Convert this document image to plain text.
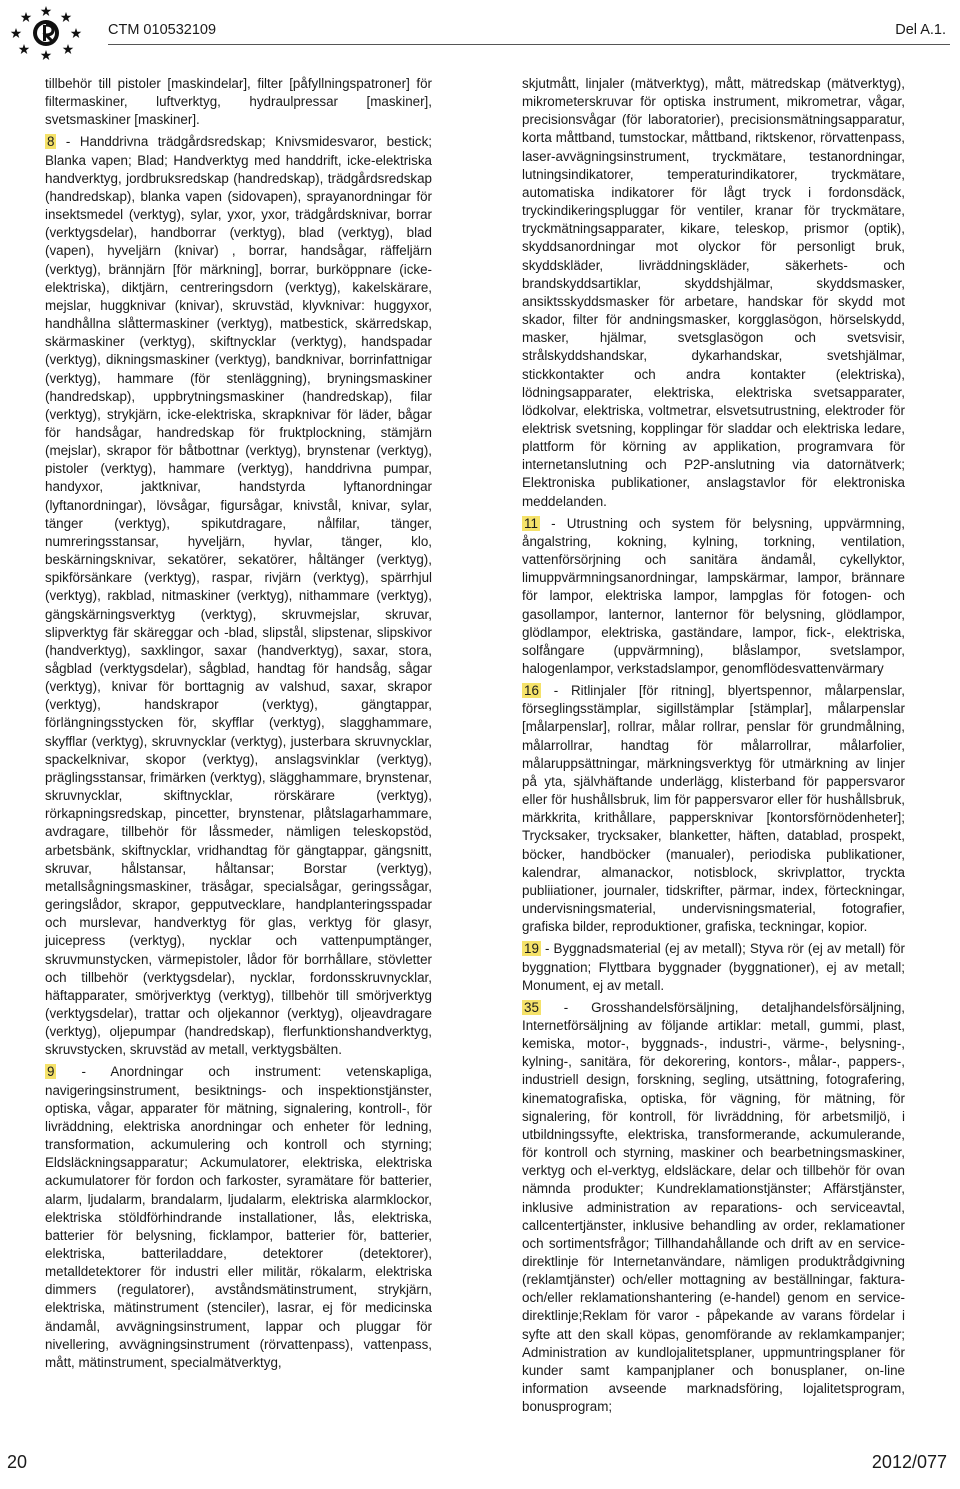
CTM 010532109	Del A.1.

tillbehör till pistoler [maskindelar], filter [påfyllningspatroner] för filtermaskiner, luftverktyg, hydraulpressar [maskiner], svetsmaskiner [maskiner].

8 - Handdrivna trädgårdsredskap; Knivsmidesvaror, bestick; Blanka vapen; Blad; Handverktyg med handdrift, icke-elektriska handverktyg, jordbruksredskap (handredskap), trädgårdsredskap (handredskap), blanka vapen (sidovapen), sprayanordningar för insektsmedel (verktyg), sylar, yxor, yxor, trädgårdsknivar, borrar (verktygsdelar), handborrar (verktyg), blad (verktyg), blad (vapen), hyveljärn (knivar) , borrar, handsågar, räffeljärn (verktyg), brännjärn [för märkning], borrar, burköppnare (icke-elektriska), diktjärn, centreringsdorn (verktyg), kakelskärare, mejslar, huggknivar (knivar), skruvstäd, klyvknivar: huggyxor, handhållna slåttermaskiner (verktyg), matbestick, skärredskap, skärmaskiner (verktyg), skiftnycklar (verktyg), handspadar (verktyg), dikningsmaskiner (verktyg), bandknivar, borrinfattnigar (verktyg), hammare (för stenläggning), bryningsmaskiner (handredskap), uppbrytningsmaskiner (handredskap), filar (verktyg), strykjärn, icke-elektriska, skrapknivar för läder, bågar för handsågar, handredskap för fruktplockning, stämjärn (mejslar), skrapor för båtbottnar (verktyg), brynstenar (verktyg), pistoler (verktyg), hammare (verktyg), handdrivna pumpar, handyxor, jaktknivar, handstyrda lyftanordningar (lyftanordningar), lövsågar, figursågar, knivstål, knivar, sylar, tänger (verktyg), spikutdragare, nålfilar, tänger, numreringsstansar, hyveljärn, hyvlar, tänger, klo, beskärningsknivar, sekatörer, sekatörer, håltänger (verktyg), spikförsänkare (verktyg), raspar, rivjärn (verktyg), spärrhjul (verktyg), rakblad, nitmaskiner (verktyg), nithammare (verktyg), gängskärningsverktyg (verktyg), skruvmejslar, skruvar, slipverktyg fär skäreggar och -blad, slipstål, slipstenar, slipskivor (handverktyg), saxklingor, saxar (handverktyg), saxar, stora, sågblad (verktygsdelar), sågblad, handtag för handsåg, sågar (verktyg), knivar för borttagnig av valshud, saxar, skrapor (verktyg), handskrapor (verktyg), gängtappar, förlängningsstycken för, skyfflar (verktyg), slagghammare, skyfflar (verktyg), skruvnycklar (verktyg), justerbara skruvnycklar, spackelknivar, skopor (verktyg), anslagsvinklar (verktyg), präglingsstansar, frimärken (verktyg), slägghammare, brynstenar, skruvnycklar, skiftnycklar, rörskärare (verktyg), rörkapningsredskap, pincetter, brynstenar, plåtslagarhammare, avdragare, tillbehör för låssmeder, nämligen teleskopstöd, arbetsbänk, skiftnycklar, vridhandtag för gängtappar, gängsnitt, skruvar, hålstansar, håltansar; Borstar (verktyg), metallsågningsmaskiner, träsågar, specialsågar, geringssågar, geringslådor, skrapor, gepputvecklare, handplanteringsspadar och murslevar, handverktyg för glas, verktyg för glasyr, juicepress (verktyg), nycklar och vattenpumptänger, skruvmunstycken, värmepistoler, lådor för borrhållare, stövletter och tillbehör (verktygsdelar), nycklar, fordonsskruvnycklar, häftapparater, smörjverktyg (verktyg), tillbehör till smörjverktyg (verktygsdelar), trattar och oljekannor (verktyg), oljeavdragare (verktyg), oljepumpar (handredskap), flerfunktionshandverktyg, skruvstycken, skruvstäd av metall, verktygsbälten.

9 - Anordningar och instrument: vetenskapliga, navigeringsinstrument, besiktnings- och inspektionstjänster, optiska, vågar, apparater för mätning, signalering, kontroll-, för livräddning, elektriska anordningar och enheter för ledning, transformation, ackumulering och kontroll och styrning; Eldsläckningsapparatur; Ackumulatorer, elektriska, elektriska ackumulatorer för fordon och farkoster, syramätare för batterier, alarm, ljudalarm, brandalarm, ljudalarm, elektriska alarmklockor, elektriska stöldförhindrande installationer, lås, elektriska, batterier för belysning, ficklampor, batterier för, batterier, elektriska, batteriladdare, detektorer (detektorer), metalldetektorer för industri eller militär, rökalarm, elektriska dimmers (regulatorer), avståndsmätinstrument, strykjärn, elektriska, mätinstrument (stenciler), lasrar, ej för medicinska ändamål, avvägningsinstrument, lappar och pluggar för nivellering, avvägningsinstrument (rörvattenpass), vattenpass, mått, mätinstrument, specialmätverktyg,

skjutmått, linjaler (mätverktyg), mått, mätredskap (mätverktyg), mikrometerskruvar för optiska instrument, mikrometrar, vågar, precisionsvågar (för laboratorier), precisionsmätningsapparatur, korta måttband, tumstockar, måttband, riktskenor, rörvattenpass, laser-avvägningsinstrument, tryckmätare, testanordningar, lutningsindikatorer, temperaturindikatorer, tryckmätare, automatiska indikatorer för lågt tryck i fordonsdäck, tryckindikeringspluggar för ventiler, kranar för tryckmätare, tryckmätningsapparater, kikare, teleskop, prismor (optik), skyddsanordningar mot olyckor för personligt bruk, skyddskläder, livräddningskläder, säkerhets- och brandskyddsartiklar, skyddshjälmar, skyddsmasker, ansiktsskyddsmasker för arbetare, handskar för skydd mot skador, filter för andningsmasker, korgglasögon, hörselskydd, masker, hjälmar, svetsglasögon och svetsvisir, strålskyddshandskar, dykarhandskar, svetshjälmar, stickkontakter och andra kontakter (elektriska), lödningsapparater, elektriska, elektriska svetsapparater, lödkolvar, elektriska, voltmetrar, elsvetsutrustning, elektroder för elektrisk svetsning, kopplingar för sladdar och elektriska ledare, plattform för körning av applikation, programvara för internetanslutning och P2P-anslutning via datornätverk; Elektroniska publikationer, anslagstavlor för elektroniska meddelanden.

11 - Utrustning och system för belysning, uppvärmning, ångalstring, kokning, kylning, torkning, ventilation, vattenförsörjning och sanitära ändamål, cykellyktor, limuppvärmningsanordningar, lampskärmar, lampor, brännare för lampor, elektriska lampor, lampglas för fotogen- och gasollampor, lanternor, lanternor för belysning, glödlampor, glödlampor, elektriska, gaständare, lampor, fick-, elektriska, solfångare (uppvärmning), blåslampor, svetslampor, halogenlampor, verkstadslampor, genomflödesvattenvärmary

16 - Ritlinjaler [för ritning], blyertspennor, målarpenslar, förseglingsstämplar, sigillstämplar [stämplar], målarpenslar [målarpenslar], rollrar, målar rollrar, penslar för grundmålning, målarrollrar, handtag för målarrollrar, målarfolier, målaruppsättningar, märkningsverktyg för utmärkning av linjer på yta, självhäftande underlägg, klisterband för pappersvaror eller för hushållsbruk, lim för pappersvaror eller för hushållsbruk, märkkrita, krithållare, pappersknivar [kontorsförnödenheter]; Trycksaker, trycksaker, blanketter, häften, datablad, prospekt, böcker, handböcker (manualer), periodiska publikationer, kalendrar, almanackor, notisblock, skrivplattor, tryckta publiiationer, journaler, tidskrifter, pärmar, index, förteckningar, undervisningsmaterial, undervisningsmaterial, fotografier, grafiska bilder, reproduktioner, grafiska, teckningar, kopior.

19 - Byggnadsmaterial (ej av metall); Styva rör (ej av metall) för byggnation; Flyttbara byggnader (byggnationer), ej av metall; Monument, ej av metall.

35 - Grosshandelsförsäljning, detaljhandelsförsäljning, Internetförsäljning av följande artiklar: metall, gummi, plast, kemiska, motor-, byggnads-, industri-, värme-, belysning-, kylning-, sanitära, för dekorering, kontors-, målar-, pappers-, industriell design, forskning, segling, utsättning, fotografering, kinematografiska, optiska, för vägning, för mätning, för signalering, för kontroll, för livräddning, för arbetsmiljö, i utbildningssyfte, elektriska, transformerande, ackumulerande, för kontroll och styrning, maskiner och bearbetningsmaskiner, verktyg och el-verktyg, eldsläckare, delar och tillbehör för ovan nämnda produkter; Kundreklamationstjänster; Affärstjänster, inklusive administration av reparations- och serviceavtal, callcentertjänster, inklusive behandling av order, reklamationer och sortimentsfrågor; Tillhandahållande och drift av en service-direktlinje för Internetanvändare, nämligen produktrådgivning (reklamtjänster) och/eller mottagning av beställningar, faktura- och/eller reklamationshantering (e-handel) genom en service-direktlinje;Reklam för varor - påpekande av varans fördelar i syfte att den skall köpas, genomförande av reklamkampanjer; Administration av kundlojalitetsplaner, uppmuntringsplaner för kunder samt kampanjplaner och bonusplaner, on-line information avseende marknadsföring, lojalitetsprogram, bonusprogram;

20	2012/077
